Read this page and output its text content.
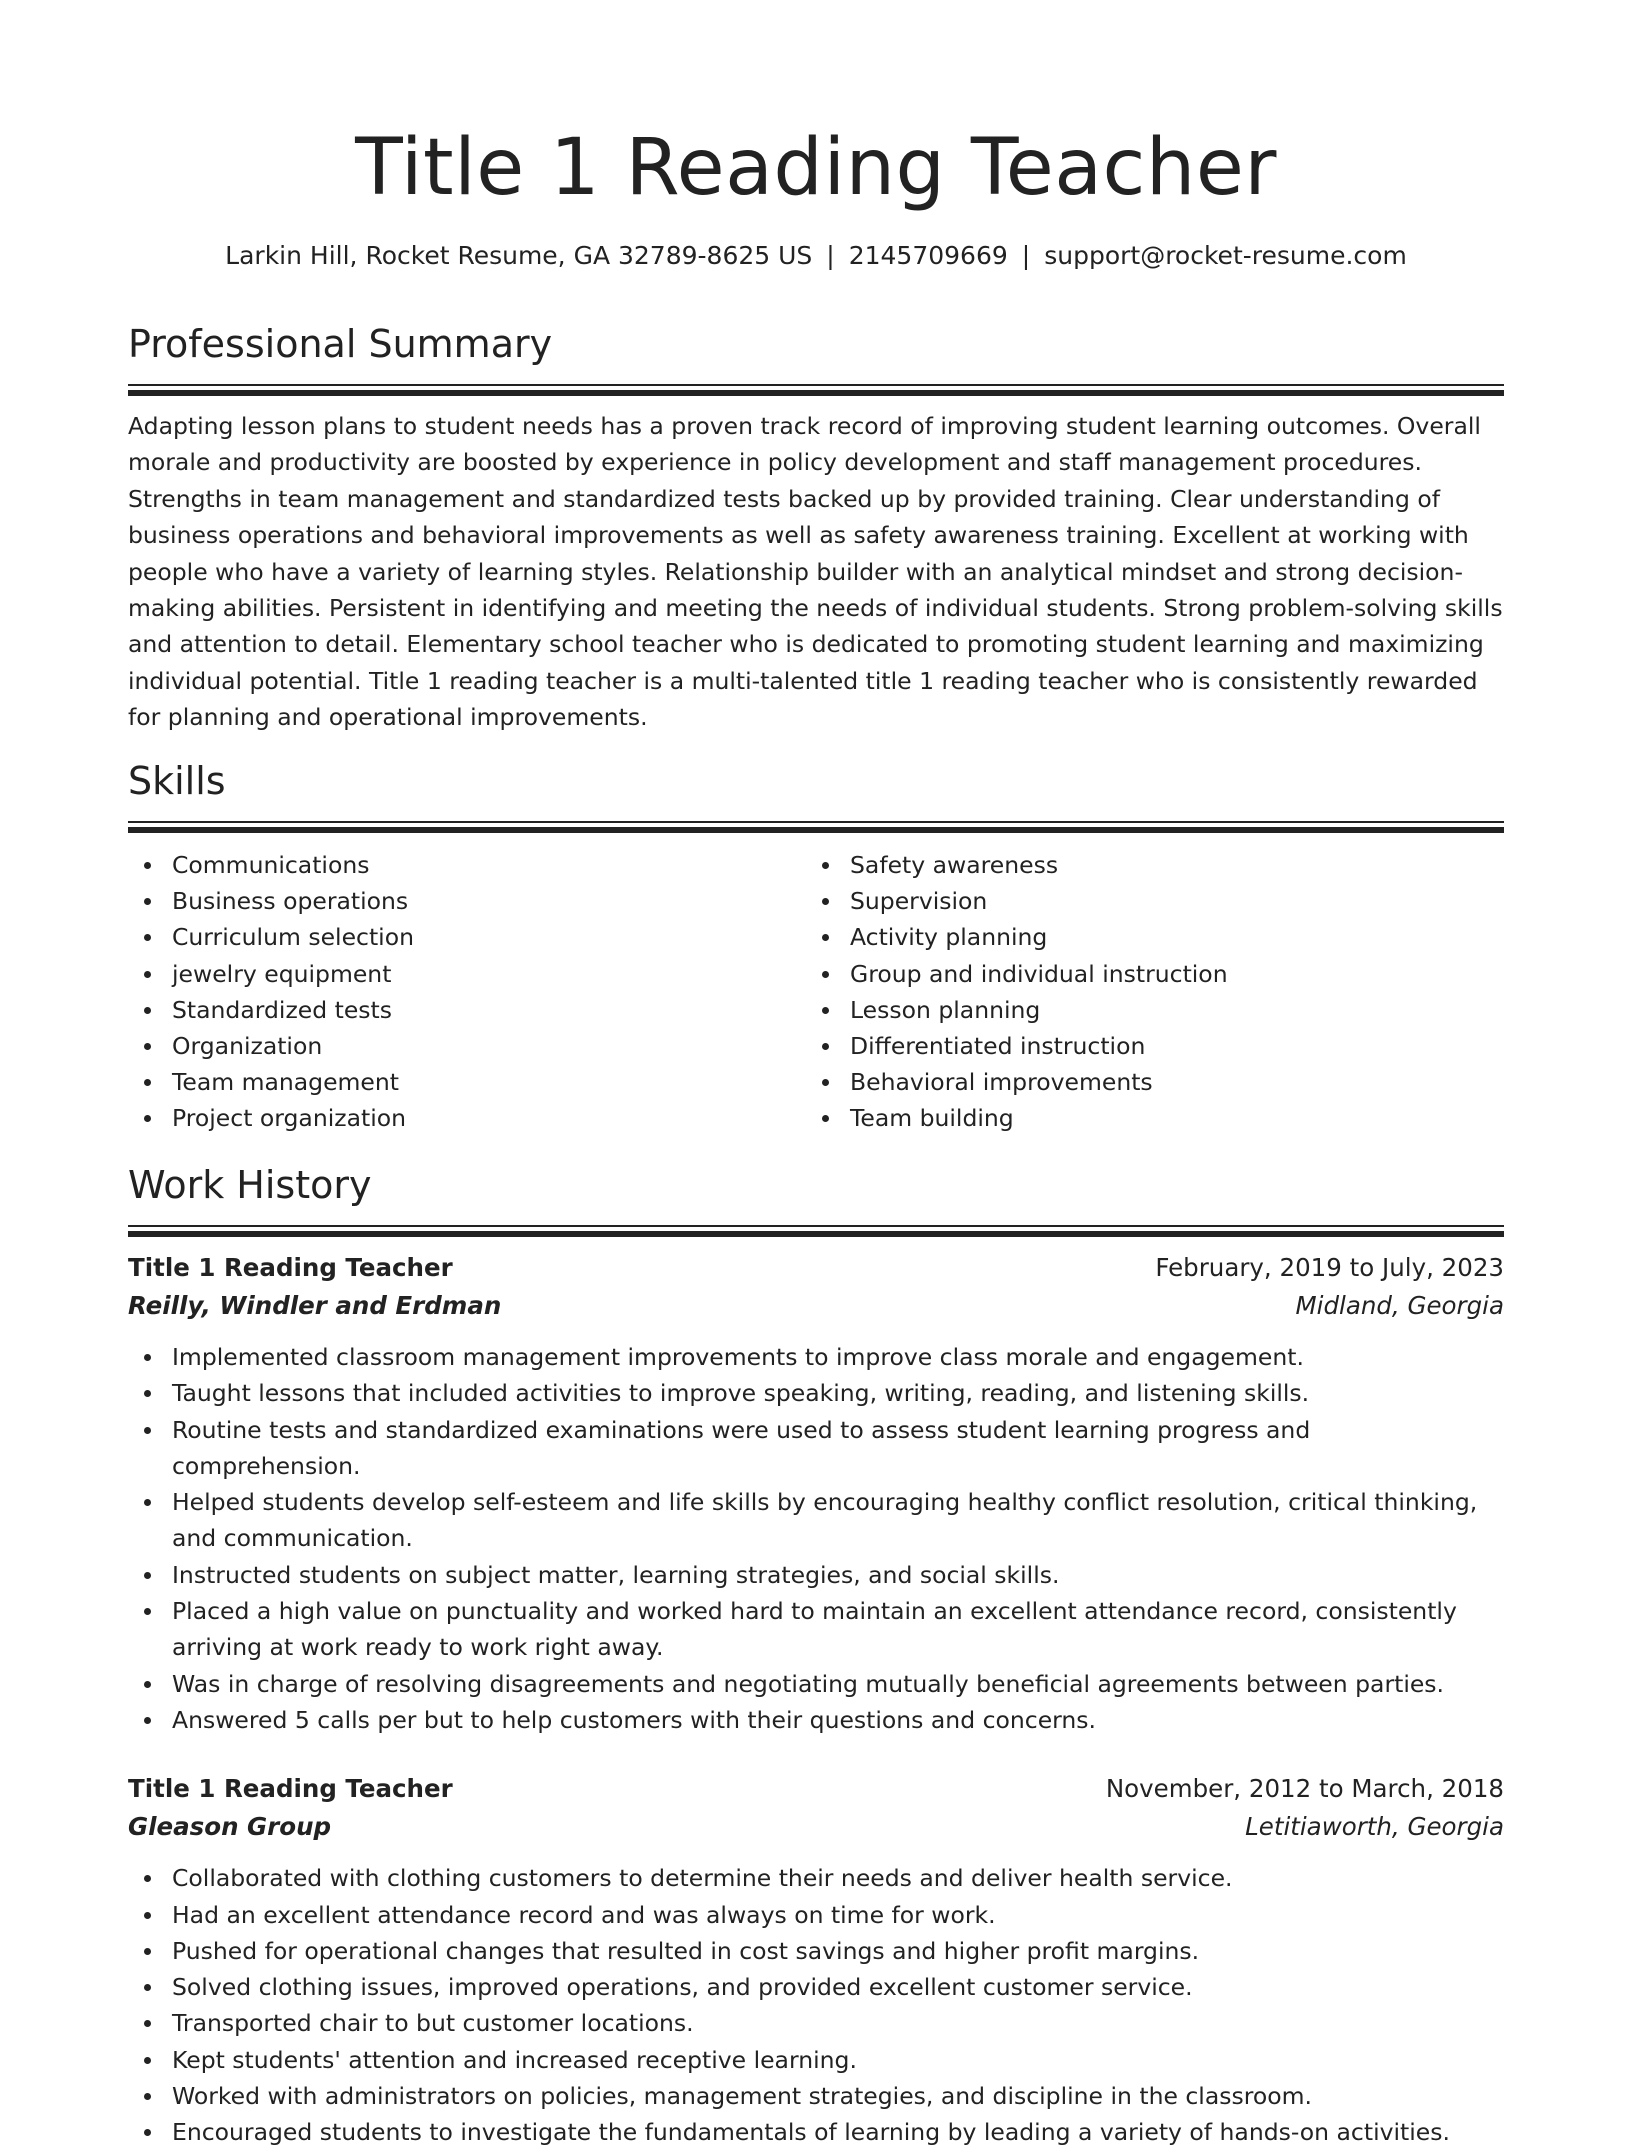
Title 1 Reading Teacher
Larkin Hill, Rocket Resume, GA 32789-8625 US | 2145709669 | support@rocket-resume.com
Professional Summary
Adapting lesson plans to student needs has a proven track record of improving student learning outcomes. Overall morale and productivity are boosted by experience in policy development and staff management procedures. Strengths in team management and standardized tests backed up by provided training. Clear understanding of business operations and behavioral improvements as well as safety awareness training. Excellent at working with people who have a variety of learning styles. Relationship builder with an analytical mindset and strong decision-making abilities. Persistent in identifying and meeting the needs of individual students. Strong problem-solving skills and attention to detail. Elementary school teacher who is dedicated to promoting student learning and maximizing individual potential. Title 1 reading teacher is a multi-talented title 1 reading teacher who is consistently rewarded for planning and operational improvements.
Skills
Communications
Business operations
Curriculum selection
jewelry equipment
Standardized tests
Organization
Team management
Project organization
Safety awareness
Supervision
Activity planning
Group and individual instruction
Lesson planning
Differentiated instruction
Behavioral improvements
Team building
Work History
Title 1 Reading Teacher	February, 2019 to July, 2023
Reilly, Windler and Erdman	Midland, Georgia
Implemented classroom management improvements to improve class morale and engagement.
Taught lessons that included activities to improve speaking, writing, reading, and listening skills.
Routine tests and standardized examinations were used to assess student learning progress and comprehension.
Helped students develop self-esteem and life skills by encouraging healthy conflict resolution, critical thinking, and communication.
Instructed students on subject matter, learning strategies, and social skills.
Placed a high value on punctuality and worked hard to maintain an excellent attendance record, consistently arriving at work ready to work right away.
Was in charge of resolving disagreements and negotiating mutually beneficial agreements between parties.
Answered 5 calls per but to help customers with their questions and concerns.
Title 1 Reading Teacher	November, 2012 to March, 2018
Gleason Group	Letitiaworth, Georgia
Collaborated with clothing customers to determine their needs and deliver health service.
Had an excellent attendance record and was always on time for work.
Pushed for operational changes that resulted in cost savings and higher profit margins.
Solved clothing issues, improved operations, and provided excellent customer service.
Transported chair to but customer locations.
Kept students' attention and increased receptive learning.
Worked with administrators on policies, management strategies, and discipline in the classroom.
Encouraged students to investigate the fundamentals of learning by leading a variety of hands-on activities.
